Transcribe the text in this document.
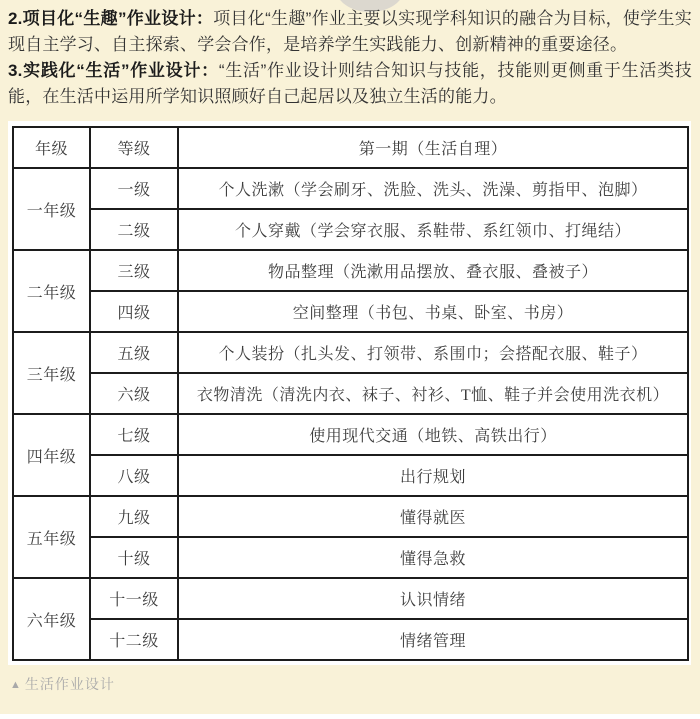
2.项目化“生趣”作业设计：项目化“生趣”作业主要以实现学科知识的融合为目标，使学生实现自主学习、自主探索、学会合作，是培养学生实践能力、创新精神的重要途径。

3.实践化“生活”作业设计：“生活”作业设计则结合知识与技能，技能则更侧重于生活类技能，在生活中运用所学知识照顾好自己起居以及独立生活的能力。

年级	等级	第一期（生活自理）
一年级	一级	个人洗漱（学会刷牙、洗脸、洗头、洗澡、剪指甲、泡脚）
	二级	个人穿戴（学会穿衣服、系鞋带、系红领巾、打绳结）
二年级	三级	物品整理（洗漱用品摆放、叠衣服、叠被子）
	四级	空间整理（书包、书桌、卧室、书房）
三年级	五级	个人装扮（扎头发、打领带、系围巾；会搭配衣服、鞋子）
	六级	衣物清洗（清洗内衣、袜子、衬衫、T恤、鞋子并会使用洗衣机）
四年级	七级	使用现代交通（地铁、高铁出行）
	八级	出行规划
五年级	九级	懂得就医
	十级	懂得急救
六年级	十一级	认识情绪
	十二级	情绪管理
▲ 生活作业设计
